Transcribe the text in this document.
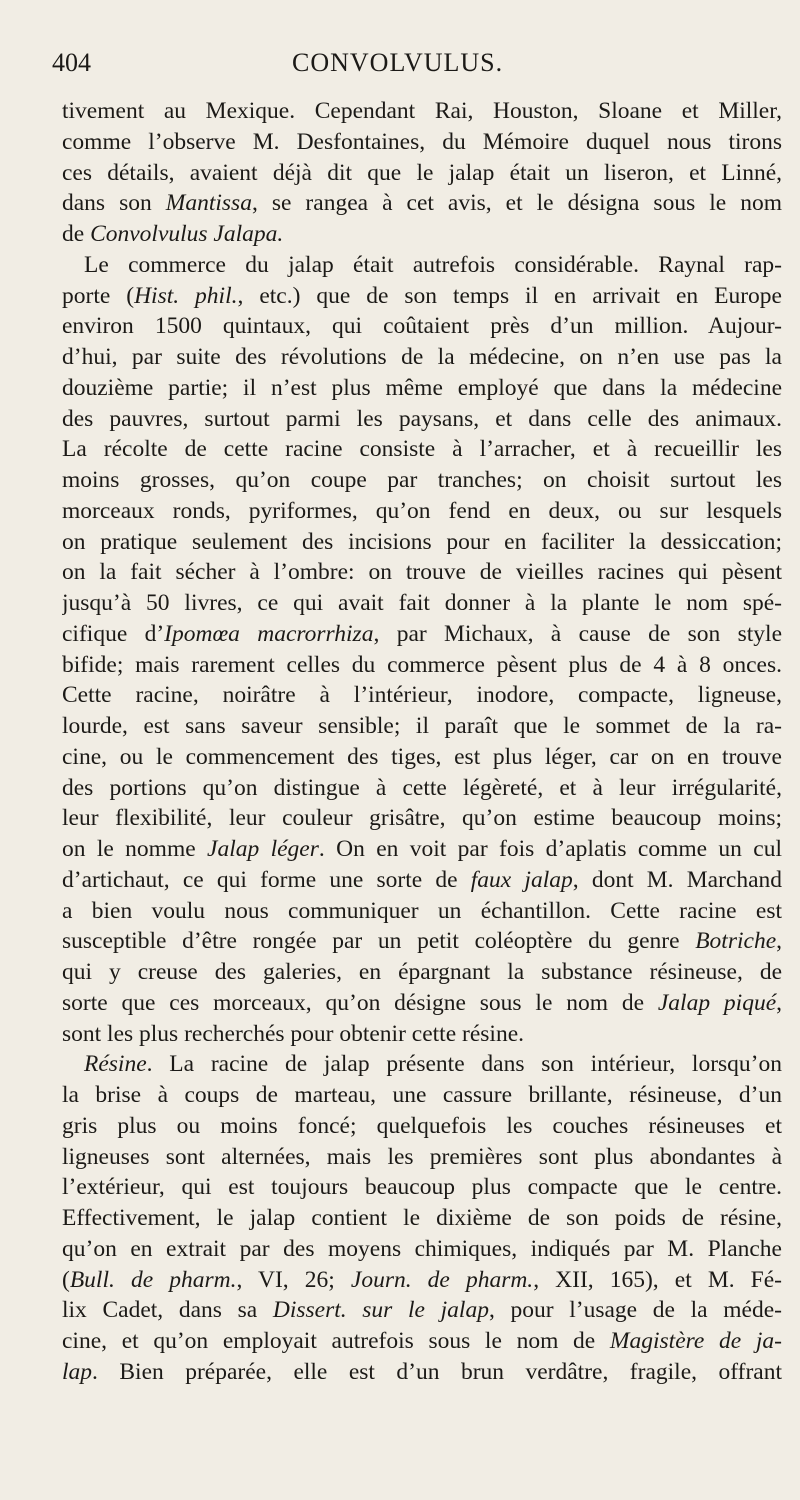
404	CONVOLVULUS.
tivement au Mexique. Cependant Rai, Houston, Sloane et Miller,
comme l’observe M. Desfontaines, du Mémoire duquel nous tirons
ces détails, avaient déjà dit que le jalap était un liseron, et Linné,
dans son Mantissa, se rangea à cet avis, et le désigna sous le nom
de Convolvulus Jalapa.
Le commerce du jalap était autrefois considérable. Raynal rap-
porte (Hist. phil., etc.) que de son temps il en arrivait en Europe
environ 1500 quintaux, qui coûtaient près d’un million. Aujour-
d’hui, par suite des révolutions de la médecine, on n’en use pas la
douzième partie; il n’est plus même employé que dans la médecine
des pauvres, surtout parmi les paysans, et dans celle des animaux.
La récolte de cette racine consiste à l’arracher, et à recueillir les
moins grosses, qu’on coupe par tranches; on choisit surtout les
morceaux ronds, pyriformes, qu’on fend en deux, ou sur lesquels
on pratique seulement des incisions pour en faciliter la dessiccation;
on la fait sécher à l’ombre: on trouve de vieilles racines qui pèsent
jusqu’à 50 livres, ce qui avait fait donner à la plante le nom spé-
cifique d’Ipomœa macrorrhiza, par Michaux, à cause de son style
bifide; mais rarement celles du commerce pèsent plus de 4 à 8 onces.
Cette racine, noirâtre à l’intérieur, inodore, compacte, ligneuse,
lourde, est sans saveur sensible; il paraît que le sommet de la ra-
cine, ou le commencement des tiges, est plus léger, car on en trouve
des portions qu’on distingue à cette légèreté, et à leur irrégularité,
leur flexibilité, leur couleur grisâtre, qu’on estime beaucoup moins;
on le nomme Jalap léger. On en voit par fois d’aplatis comme un cul
d’artichaut, ce qui forme une sorte de faux jalap, dont M. Marchand
a bien voulu nous communiquer un échantillon. Cette racine est
susceptible d’être rongée par un petit coléoptère du genre Botriche,
qui y creuse des galeries, en épargnant la substance résineuse, de
sorte que ces morceaux, qu’on désigne sous le nom de Jalap piqué,
sont les plus recherchés pour obtenir cette résine.
Résine. La racine de jalap présente dans son intérieur, lorsqu’on
la brise à coups de marteau, une cassure brillante, résineuse, d’un
gris plus ou moins foncé; quelquefois les couches résineuses et
ligneuses sont alternées, mais les premières sont plus abondantes à
l’extérieur, qui est toujours beaucoup plus compacte que le centre.
Effectivement, le jalap contient le dixième de son poids de résine,
qu’on en extrait par des moyens chimiques, indiqués par M. Planche
(Bull. de pharm., VI, 26; Journ. de pharm., XII, 165), et M. Fé-
lix Cadet, dans sa Dissert. sur le jalap, pour l’usage de la méde-
cine, et qu’on employait autrefois sous le nom de Magistère de ja-
lap. Bien préparée, elle est d’un brun verdâtre, fragile, offrant
